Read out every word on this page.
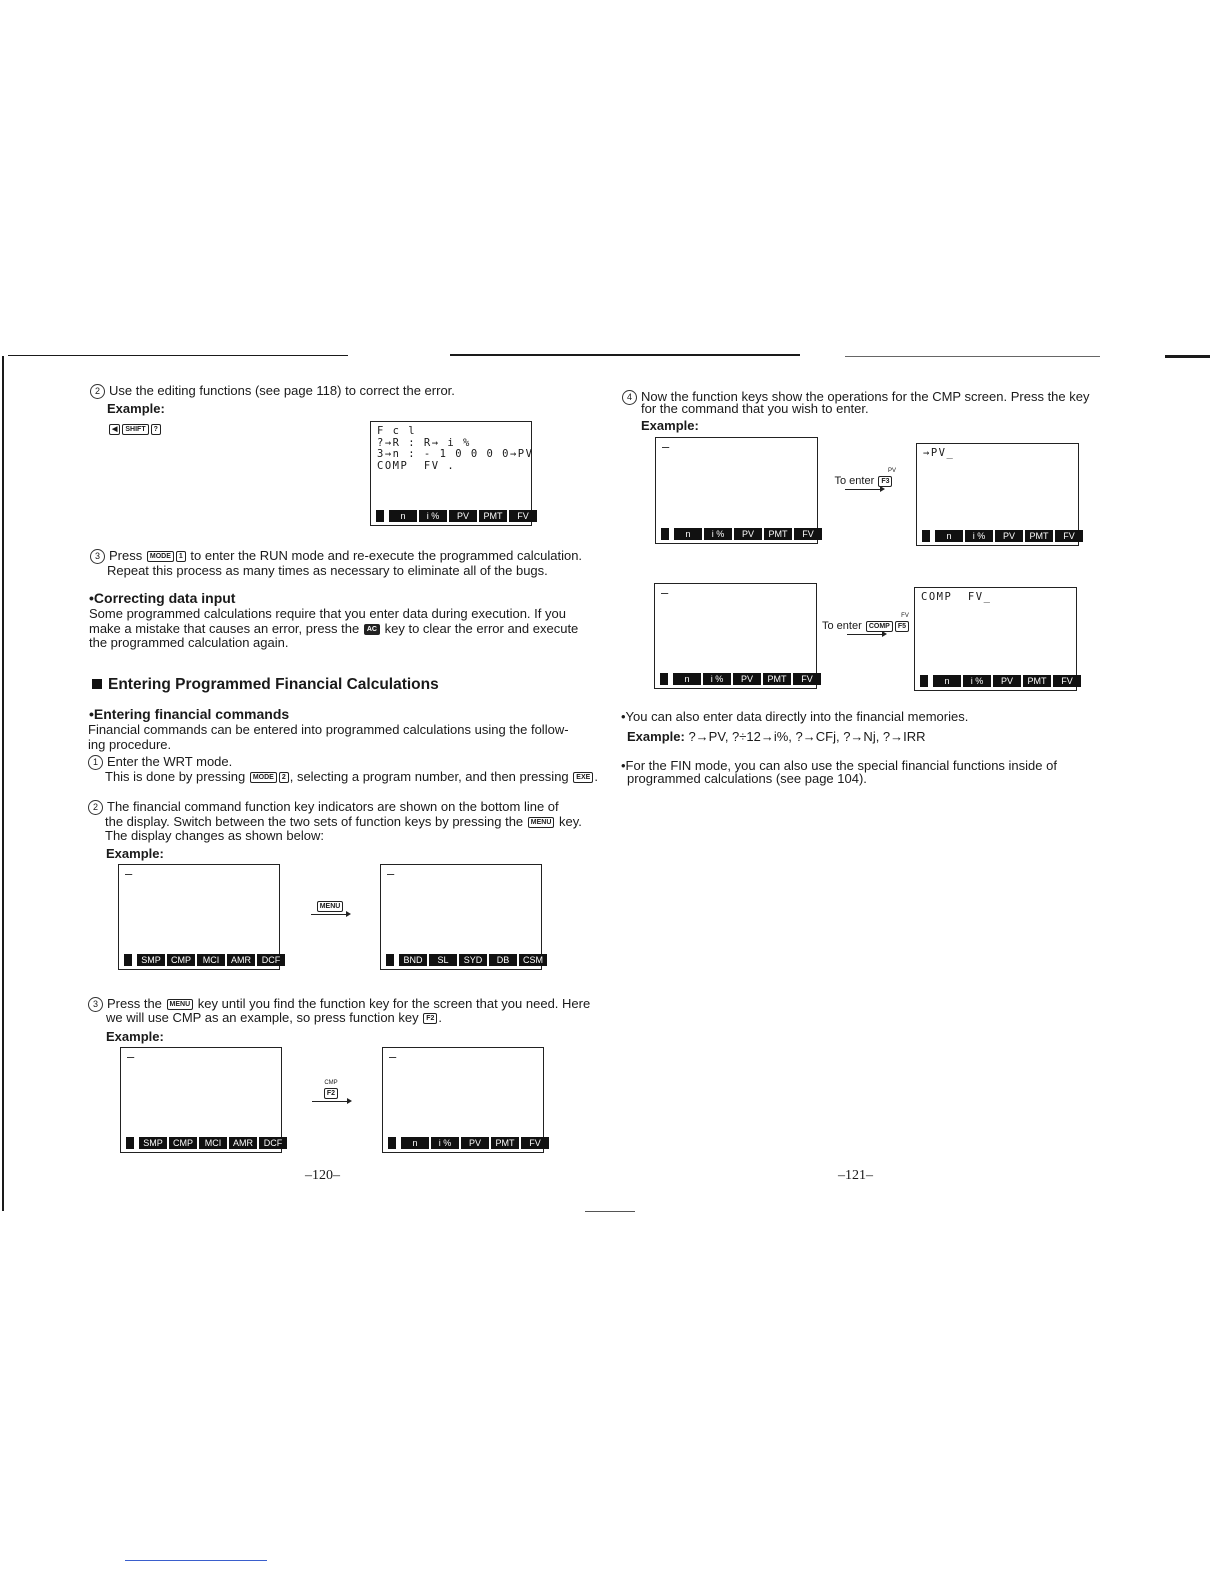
2 Use the editing functions (see page 118) to correct the error.
Example:
◀ SHIFT ?	F c l
?→R : R→ i %
3→n : - 1 0 0 0 0→PV
COMP  FV .
n	i %	PV	PMT	FV
3 Press MODE 1 to enter the RUN mode and re-execute the programmed calculation.
Repeat this process as many times as necessary to eliminate all of the bugs.
•Correcting data input
Some programmed calculations require that you enter data during execution. If you
make a mistake that causes an error, press the AC key to clear the error and execute
the programmed calculation again.
Entering Programmed Financial Calculations
•Entering financial commands
Financial commands can be entered into programmed calculations using the follow-
ing procedure.
1 Enter the WRT mode.
This is done by pressing MODE 2 , selecting a program number, and then pressing EXE .
2 The financial command function key indicators are shown on the bottom line of
the display. Switch between the two sets of function keys by pressing the MENU key.
The display changes as shown below:
Example:
–
SMP	CMP	MCI	AMR	DCF
MENU
–
BND	SL	SYD	DB	CSM
3 Press the MENU key until you find the function key for the screen that you need. Here
we will use CMP as an example, so press function key F2 .
Example:
–
SMP	CMP	MCI	AMR	DCF
CMP
F2
–
n	i %	PV	PMT	FV
–120–
4 Now the function keys show the operations for the CMP screen. Press the key
for the command that you wish to enter.
Example:
–
n	i %	PV	PMT	FV
PV
To enter F3
→PV_
n	i %	PV	PMT	FV
–
n	i %	PV	PMT	FV
FV
To enter COMP F5
COMP  FV_
n	i %	PV	PMT	FV
•You can also enter data directly into the financial memories.
Example: ?→PV, ?÷12→i%, ?→CFj, ?→Nj, ?→IRR
•For the FIN mode, you can also use the special financial functions inside of
programmed calculations (see page 104).
–121–
